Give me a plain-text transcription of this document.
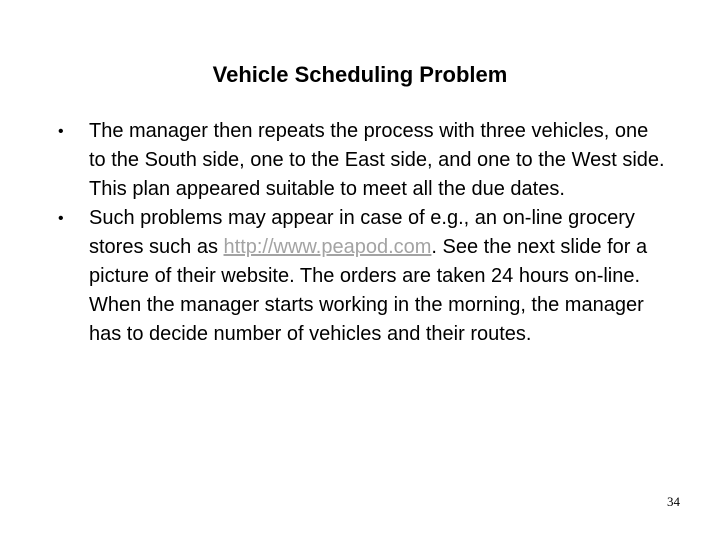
Vehicle Scheduling Problem
•	The manager then repeats the process with three vehicles, one to the South side, one to the East side, and one to the West side. This plan appeared suitable to meet all the due dates.
•	Such problems may appear in case of e.g., an on-line grocery stores such as http://www.peapod.com. See the next slide for a picture of their website. The orders are taken 24 hours on-line. When the manager starts working in the morning, the manager has to decide number of vehicles and their routes.
34
